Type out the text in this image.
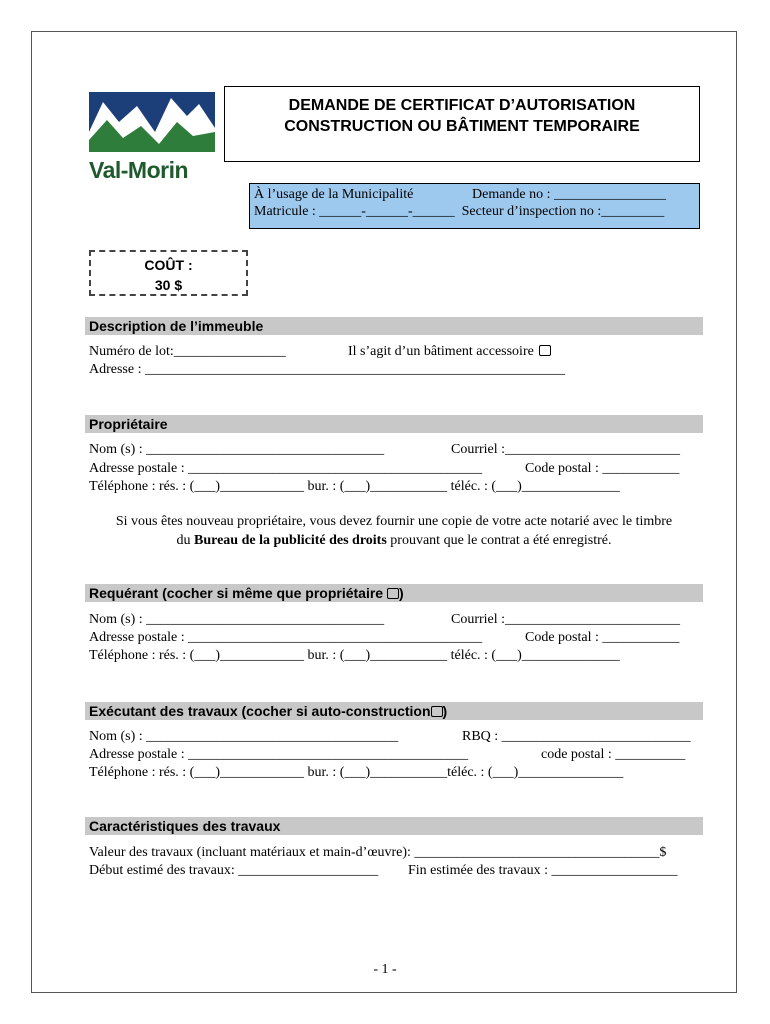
Val-Morin
DEMANDE DE CERTIFICAT D’AUTORISATION
CONSTRUCTION OU BÂTIMENT TEMPORAIRE
À l’usage de la Municipalité	Demande no : ________________
Matricule : ______-______-______ Secteur d’inspection no :_________
COÛT :
30 $
Description de l’immeuble
Numéro de lot:________________	Il s’agit d’un bâtiment accessoire
Adresse : ____________________________________________________________
Propriétaire
Nom (s) : __________________________________	Courriel :_________________________
Adresse postale : __________________________________________	Code postal : ___________
Téléphone : rés. : (___)____________ bur. : (___)___________ téléc. : (___)______________
Si vous êtes nouveau propriétaire, vous devez fournir une copie de votre acte notarié avec le timbre
du Bureau de la publicité des droits prouvant que le contrat a été enregistré.
Requérant (cocher si même que propriétaire )
Nom (s) : __________________________________	Courriel :_________________________
Adresse postale : __________________________________________	Code postal : ___________
Téléphone : rés. : (___)____________ bur. : (___)___________ téléc. : (___)______________
Exécutant des travaux (cocher si auto-construction )
Nom (s) : ____________________________________	RBQ : ___________________________
Adresse postale : ________________________________________	code postal : __________
Téléphone : rés. : (___)____________ bur. : (___)___________téléc. : (___)_______________
Caractéristiques des travaux
Valeur des travaux (incluant matériaux et main-d’œuvre): ___________________________________$
Début estimé des travaux: ____________________ Fin estimée des travaux : __________________
- 1 -
